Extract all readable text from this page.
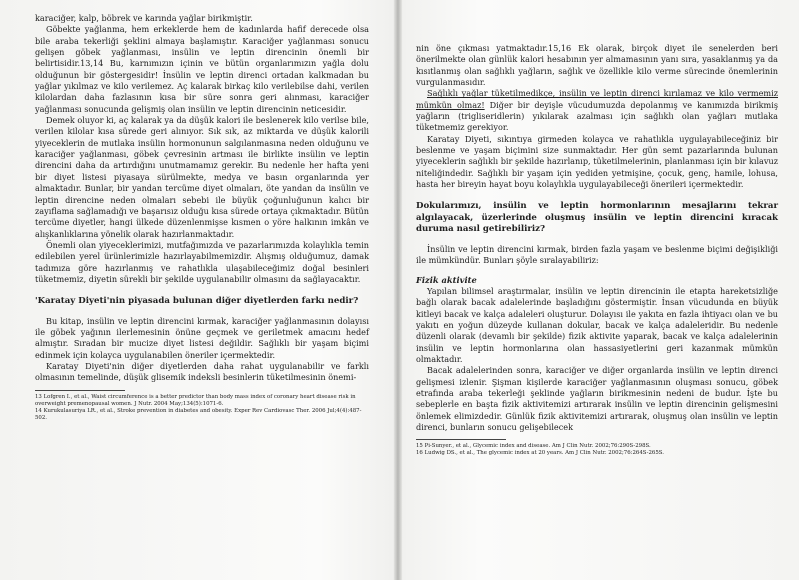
karaciğer, kalp, böbrek ve karında yağlar birikmiştir.

Göbekte yağlanma, hem erkeklerde hem de kadınlarda hafif derecede olsa bile araba tekerliği şeklini almaya başlamıştır. Karaciğer yağlanması sonucu gelişen göbek yağlanması, insülin ve leptin direncinin önemli bir belirtisidir.13,14 Bu, karnımızın içinin ve bütün organlarımızın yağla dolu olduğunun bir göstergesidir! İnsülin ve leptin direnci ortadan kalkmadan bu yağlar yıkılmaz ve kilo verilemez. Aç kalarak birkaç kilo verilebilse dahi, verilen kilolardan daha fazlasının kısa bir süre sonra geri alınması, karaciğer yağlanması sonucunda gelişmiş olan insülin ve leptin direncinin neticesidir.

Demek oluyor ki, aç kalarak ya da düşük kalori ile beslenerek kilo verilse bile, verilen kilolar kısa sürede geri alınıyor. Sık sık, az miktarda ve düşük kalorili yiyeceklerin de mutlaka insülin hormonunun salgılanmasına neden olduğunu ve karaciğer yağlanması, göbek çevresinin artması ile birlikte insülin ve leptin direncini daha da artırdığını unutmamamız gerekir. Bu nedenle her hafta yeni bir diyet listesi piyasaya sürülmekte, medya ve basın organlarında yer almaktadır. Bunlar, bir yandan tercüme diyet olmaları, öte yandan da insülin ve leptin direncine neden olmaları sebebi ile büyük çoğunluğunun kalıcı bir zayıflama sağlamadığı ve başarısız olduğu kısa sürede ortaya çıkmaktadır. Bütün tercüme diyetler, hangi ülkede düzenlenmişse kısmen o yöre halkının imkân ve alışkanlıklarına yönelik olarak hazırlanmaktadır.

Önemli olan yiyeceklerimizi, mutfağımızda ve pazarlarımızda kolaylıkla temin edilebilen yerel ürünlerimizle hazırlayabilmemizdir. Alışmış olduğumuz, damak tadımıza göre hazırlanmış ve rahatlıkla ulaşabileceğimiz doğal besinleri tüketmemiz, diyetin sürekli bir şekilde uygulanabilir olmasını da sağlayacaktır.

'Karatay Diyeti'nin piyasada bulunan diğer diyetlerden farkı nedir?

Bu kitap, insülin ve leptin direncini kırmak, karaciğer yağlanmasının dolayısı ile göbek yağının ilerlemesinin önüne geçmek ve geriletmek amacını hedef almıştır. Sıradan bir mucize diyet listesi değildir. Sağlıklı bir yaşam biçimi edinmek için kolayca uygulanabilen öneriler içermektedir.

Karatay Diyeti'nin diğer diyetlerden daha rahat uygulanabilir ve farklı olmasının temelinde, düşük glisemik indeksli besinlerin tüketilmesinin önemi-

13 Lofgren I., et al., Waist circumference is a better predictor than body mass index of coronary heart disease risk in overweight premenopausal women. J Nutr. 2004 May;134(5):1071-6.
14 Kurukulasuriya LR., et al., Stroke prevention in diabetes and obesity. Exper Rev Cardiovasc Ther. 2006 Jul;4(4):487-502.

nin öne çıkması yatmaktadır.15,16 Ek olarak, birçok diyet ile senelerden beri önerilmekte olan günlük kalori hesabının yer almamasının yanı sıra, yasaklanmış ya da kısıtlanmış olan sağlıklı yağların, sağlık ve özellikle kilo verme sürecinde önemlerinin vurgulanmasıdır.

Sağlıklı yağlar tüketilmedikçe, insülin ve leptin direnci kırılamaz ve kilo vermemiz mümkün olmaz! Diğer bir deyişle vücudumuzda depolanmış ve kanımızda birikmiş yağların (trigliseridlerin) yıkılarak azalması için sağlıklı olan yağları mutlaka tüketmemiz gerekiyor.

Karatay Diyeti, sıkıntıya girmeden kolayca ve rahatlıkla uygulayabileceğiniz bir beslenme ve yaşam biçimini size sunmaktadır. Her gün semt pazarlarında bulunan yiyeceklerin sağlıklı bir şekilde hazırlanıp, tüketilmelerinin, planlanması için bir kılavuz niteliğindedir. Sağlıklı bir yaşam için yediden yetmişine, çocuk, genç, hamile, lohusa, hasta her bireyin hayat boyu kolaylıkla uygulayabileceği önerileri içermektedir.

Dokularımızı, insülin ve leptin hormonlarının mesajlarını tekrar algılayacak, üzerlerinde oluşmuş insülin ve leptin direncini kıracak duruma nasıl getirebiliriz?

İnsülin ve leptin direncini kırmak, birden fazla yaşam ve beslenme biçimi değişikliği ile mümkündür. Bunları şöyle sıralayabiliriz:

Fizik aktivite

Yapılan bilimsel araştırmalar, insülin ve leptin direncinin ile etapta hareketsizliğe bağlı olarak bacak adalelerinde başladığını göstermiştir. İnsan vücudunda en büyük kitleyi bacak ve kalça adaleleri oluşturur. Dolayısı ile yakıta en fazla ihtiyacı olan ve bu yakıtı en yoğun düzeyde kullanan dokular, bacak ve kalça adaleleridir. Bu nedenle düzenli olarak (devamlı bir şekilde) fizik aktivite yaparak, bacak ve kalça adalelerinin insülin ve leptin hormonlarına olan hassasiyetlerini geri kazanmak mümkün olmaktadır.

Bacak adalelerinden sonra, karaciğer ve diğer organlarda insülin ve leptin direnci gelişmesi izlenir. Şişman kişilerde karaciğer yağlanmasının oluşması sonucu, göbek etrafında araba tekerleği şeklinde yağların birikmesinin nedeni de budur. İşte bu sebeplerle en başta fizik aktivitemizi artırarak insülin ve leptin direncinin gelişmesini önlemek elimizdedir. Günlük fizik aktivitemizi artırarak, oluşmuş olan insülin ve leptin direnci, bunların sonucu gelişebilecek

15 Pi-Sunyer., et al., Glycemic index and disease. Am J Clin Nutr. 2002;76:290S-298S.
16 Ludwig DS., et al., The glycemic index at 20 years. Am J Clin Nutr. 2002;76:264S-265S.
